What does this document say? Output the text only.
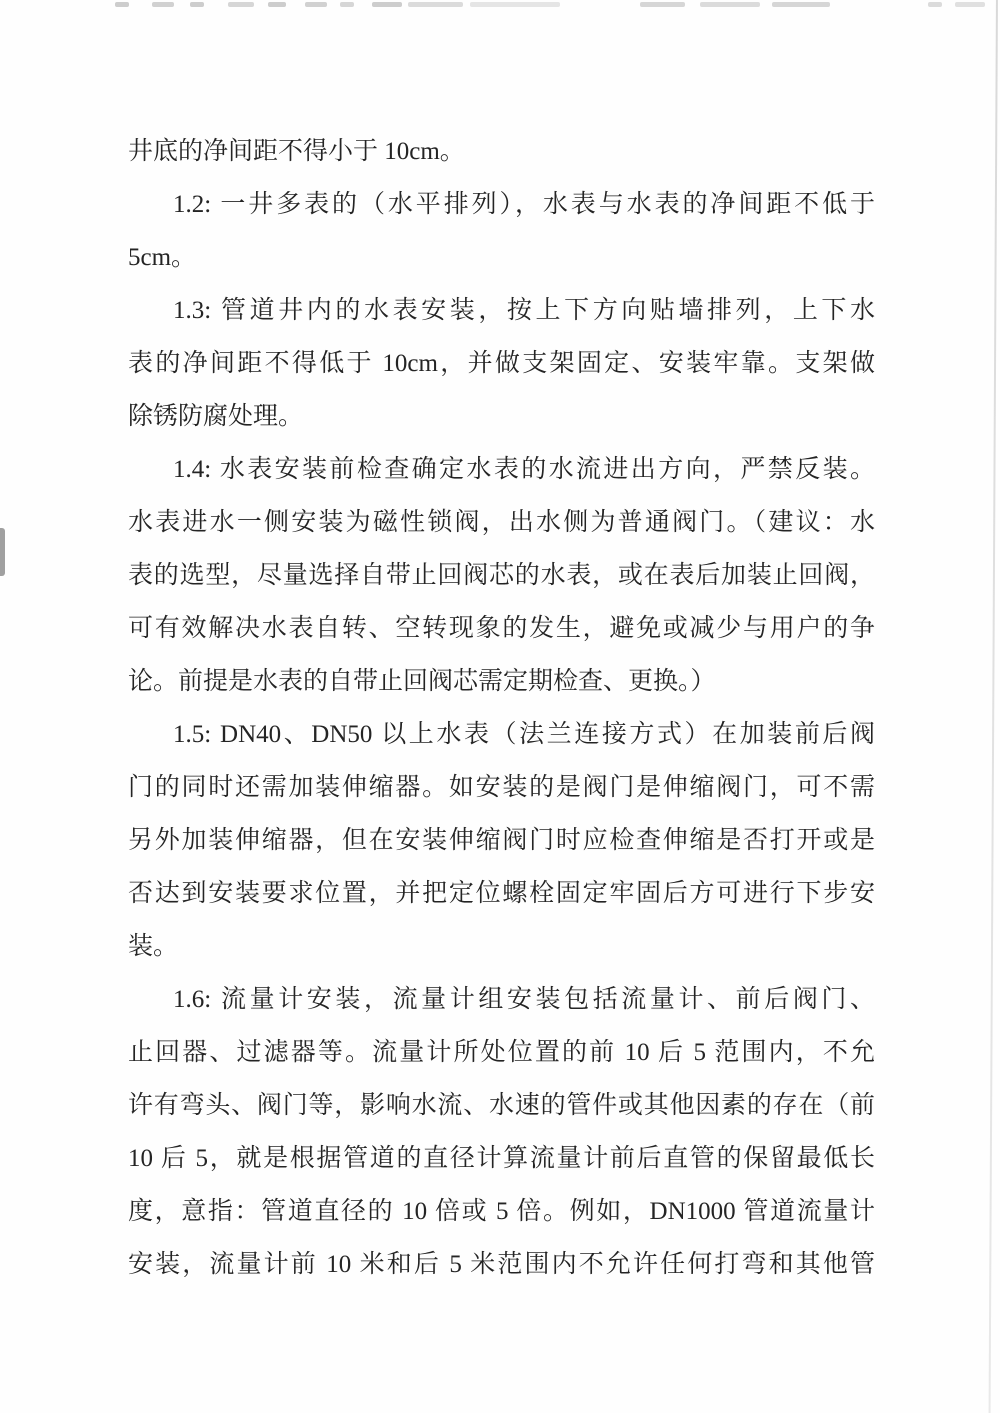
井底的净间距不得小于 10cm。
1.2: 一井多表的（水平排列），水表与水表的净间距不低于
5cm。
1.3: 管道井内的水表安装，按上下方向贴墙排列，上下水
表的净间距不得低于 10cm，并做支架固定、安装牢靠。支架做
除锈防腐处理。
1.4: 水表安装前检查确定水表的水流进出方向，严禁反装。
水表进水一侧安装为磁性锁阀，出水侧为普通阀门。（建议：水
表的选型，尽量选择自带止回阀芯的水表，或在表后加装止回阀，
可有效解决水表自转、空转现象的发生，避免或减少与用户的争
论。前提是水表的自带止回阀芯需定期检查、更换。）
1.5: DN40、DN50 以上水表（法兰连接方式）在加装前后阀
门的同时还需加装伸缩器。如安装的是阀门是伸缩阀门，可不需
另外加装伸缩器，但在安装伸缩阀门时应检查伸缩是否打开或是
否达到安装要求位置，并把定位螺栓固定牢固后方可进行下步安
装。
1.6: 流量计安装，流量计组安装包括流量计、前后阀门、
止回器、过滤器等。流量计所处位置的前 10 后 5 范围内，不允
许有弯头、阀门等，影响水流、水速的管件或其他因素的存在（前
10 后 5，就是根据管道的直径计算流量计前后直管的保留最低长
度，意指：管道直径的 10 倍或 5 倍。例如，DN1000 管道流量计
安装，流量计前 10 米和后 5 米范围内不允许任何打弯和其他管
